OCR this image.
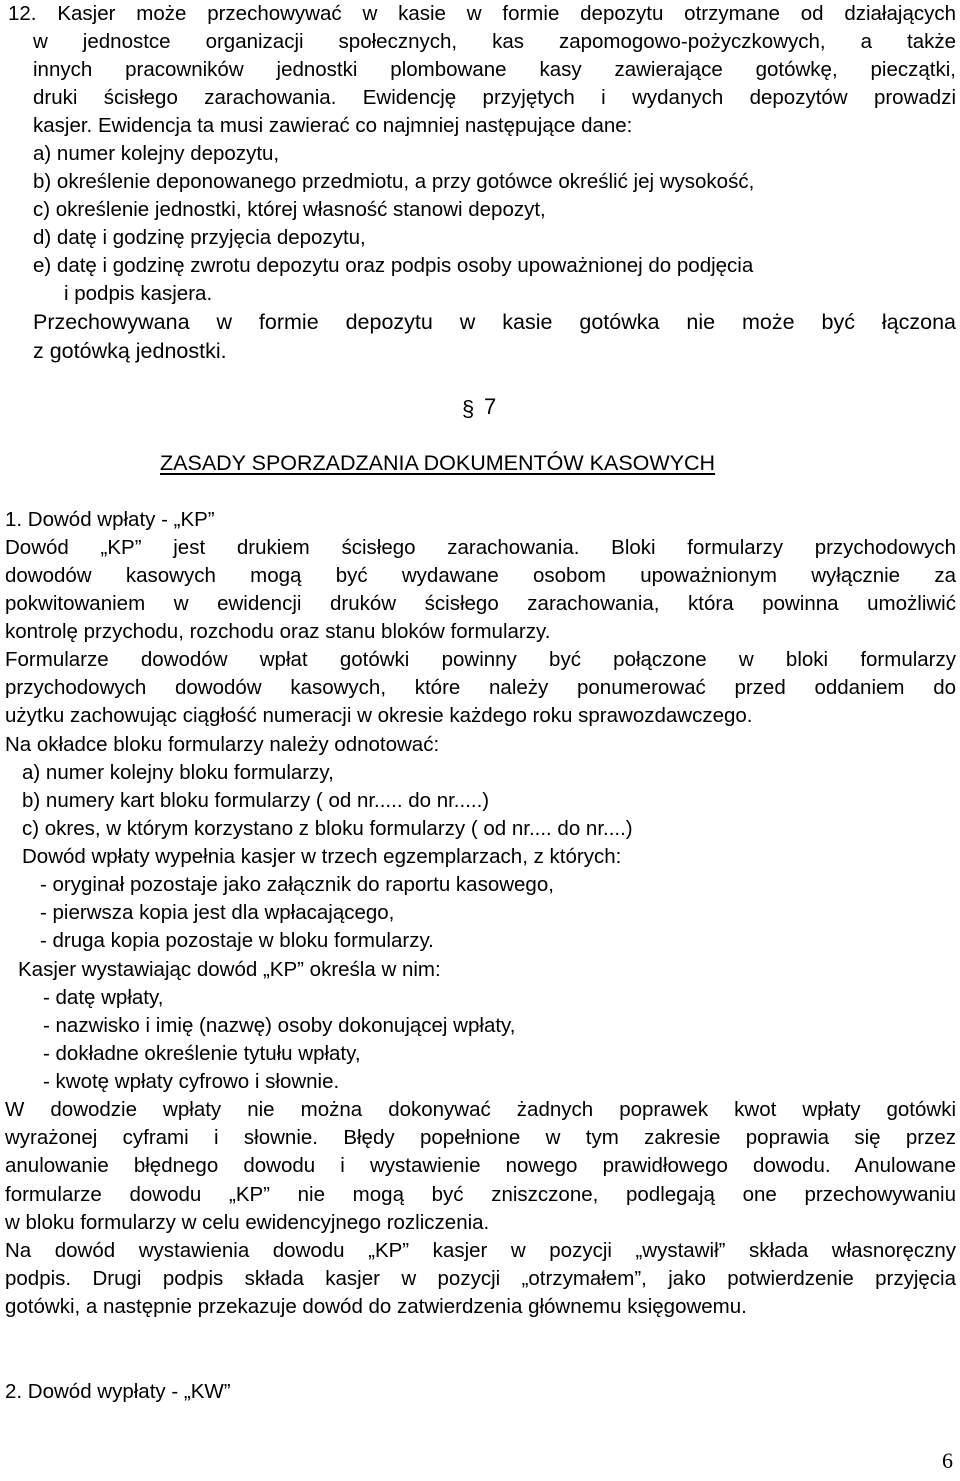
12. Kasjer może przechowywać w kasie w formie depozytu otrzymane od działających
w jednostce organizacji społecznych, kas zapomogowo-pożyczkowych, a także
innych pracowników jednostki plombowane kasy zawierające gotówkę, pieczątki,
druki ścisłego zarachowania. Ewidencję przyjętych i wydanych depozytów prowadzi
kasjer. Ewidencja ta musi zawierać co najmniej następujące dane:
a) numer kolejny depozytu,
b) określenie deponowanego przedmiotu, a przy gotówce określić jej wysokość,
c) określenie jednostki, której własność stanowi depozyt,
d) datę i godzinę przyjęcia depozytu,
e) datę i godzinę zwrotu depozytu oraz podpis osoby upoważnionej do podjęcia
i podpis kasjera.
Przechowywana w formie depozytu w kasie gotówka nie może być łączona
z gotówką jednostki.
§ 7
ZASADY SPORZADZANIA DOKUMENTÓW KASOWYCH
1. Dowód wpłaty - „KP”
Dowód „KP” jest drukiem ścisłego zarachowania. Bloki formularzy przychodowych
dowodów kasowych mogą być wydawane osobom upoważnionym wyłącznie za
pokwitowaniem w ewidencji druków ścisłego zarachowania, która powinna umożliwić
kontrolę przychodu, rozchodu oraz stanu bloków formularzy.
Formularze dowodów wpłat gotówki powinny być połączone w bloki formularzy
przychodowych dowodów kasowych, które należy ponumerować przed oddaniem do
użytku zachowując ciągłość numeracji w okresie każdego roku sprawozdawczego.
Na okładce bloku formularzy należy odnotować:
a) numer kolejny bloku formularzy,
b) numery kart bloku formularzy ( od nr..... do nr.....)
c) okres, w którym korzystano z bloku formularzy ( od nr.... do nr....)
Dowód wpłaty wypełnia kasjer w trzech egzemplarzach, z których:
- oryginał pozostaje jako załącznik do raportu kasowego,
- pierwsza kopia jest dla wpłacającego,
- druga kopia pozostaje w bloku formularzy.
Kasjer wystawiając dowód „KP” określa w nim:
- datę wpłaty,
- nazwisko i imię (nazwę) osoby dokonującej wpłaty,
- dokładne określenie tytułu wpłaty,
- kwotę wpłaty cyfrowo i słownie.
W dowodzie wpłaty nie można dokonywać żadnych poprawek kwot wpłaty gotówki
wyrażonej cyframi i słownie. Błędy popełnione w tym zakresie poprawia się przez
anulowanie błędnego dowodu i wystawienie nowego prawidłowego dowodu. Anulowane
formularze dowodu „KP” nie mogą być zniszczone, podlegają one przechowywaniu
w bloku formularzy w celu ewidencyjnego rozliczenia.
Na dowód wystawienia dowodu „KP” kasjer w pozycji „wystawił” składa własnoręczny
podpis. Drugi podpis składa kasjer w pozycji „otrzymałem”, jako potwierdzenie przyjęcia
gotówki, a następnie przekazuje dowód do zatwierdzenia głównemu księgowemu.
2. Dowód wypłaty - „KW”
6
